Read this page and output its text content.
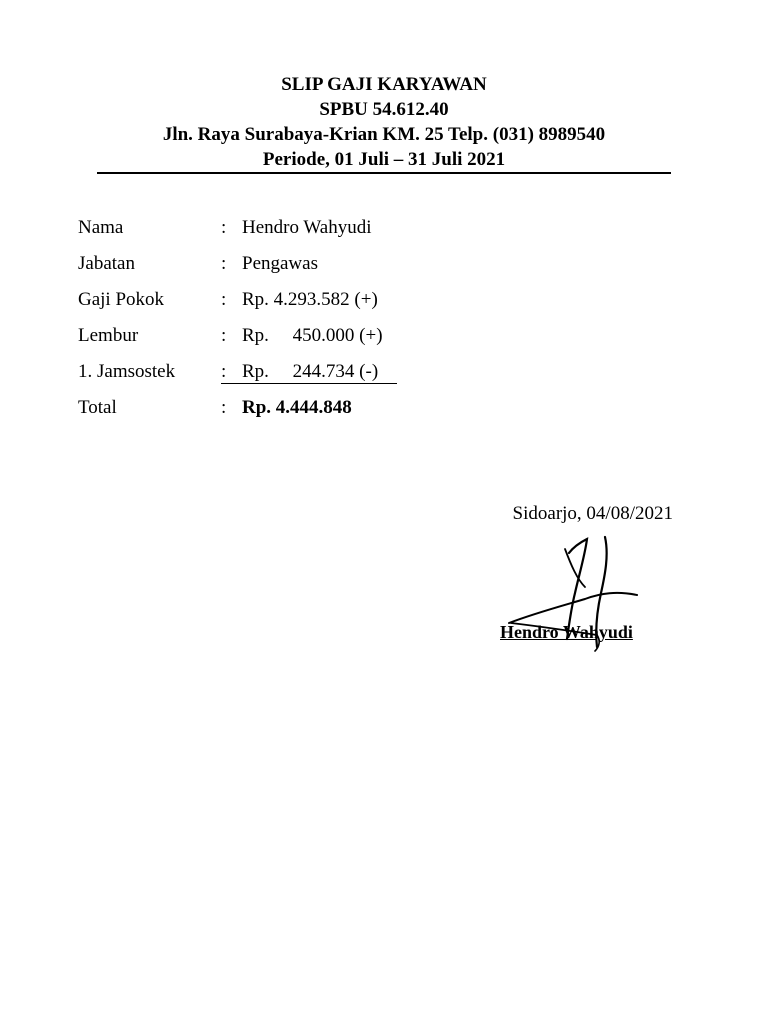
SLIP GAJI KARYAWAN
SPBU 54.612.40
Jln. Raya Surabaya-Krian KM. 25 Telp. (031) 8989540
Periode, 01 Juli – 31 Juli 2021
Nama	: Hendro Wahyudi
Jabatan	: Pengawas
Gaji Pokok	: Rp. 4.293.582 (+)
Lembur	: Rp.     450.000 (+)
1. Jamsostek	: Rp.     244.734 (-)
Total	: Rp. 4.444.848
Sidoarjo, 04/08/2021
Hendro Wahyudi
